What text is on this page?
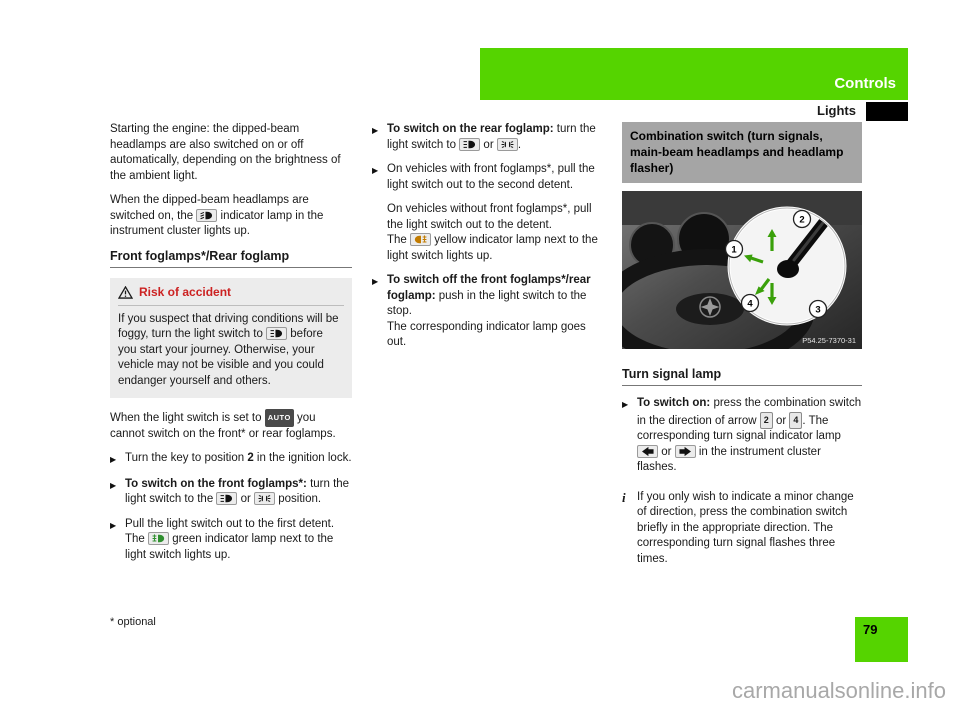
Controls
Lights

Starting the engine: the dipped-beam headlamps are also switched on or off automatically, depending on the brightness of the ambient light.

When the dipped-beam headlamps are switched on, the  indicator lamp in the instrument cluster lights up.

Front foglamps*/Rear foglamp
Risk of accident
If you suspect that driving conditions will be foggy, turn the light switch to  before you start your journey. Otherwise, your vehicle may not be visible and you could endanger yourself and others.

When the light switch is set to AUTO you cannot switch on the front* or rear foglamps.

▶
Turn the key to position 2 in the ignition lock.
▶
To switch on the front foglamps*: turn the light switch to the  or  position.
▶
Pull the light switch out to the first detent. The  green indicator lamp next to the light switch lights up.
▶
To switch on the rear foglamp: turn the light switch to  or .
▶
On vehicles with front foglamps*, pull the light switch out to the second detent.

On vehicles without front foglamps*, pull the light switch out to the detent.
The  yellow indicator lamp next to the light switch lights up.

▶
To switch off the front foglamps*/rear foglamp: push in the light switch to the stop.
The corresponding indicator lamp goes out.
Combination switch (turn signals, main-beam headlamps and headlamp flasher)
1
2
3
4
P54.25-7370-31
Turn signal lamp
▶
To switch on: press the combination switch in the direction of arrow 2 or 4 . The corresponding turn signal indicator lamp  or  in the instrument cluster flashes.
i
If you only wish to indicate a minor change of direction, press the combination switch briefly in the appropriate direction. The corresponding turn signal flashes three times.
* optional	79
carmanualsonline.info
